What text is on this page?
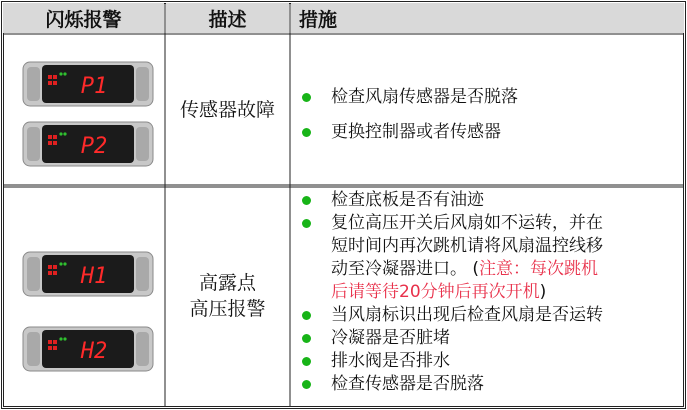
闪烁报警	描述	措施
P1
P2
H1
H2
传感器故障
高露点
高压报警
检查风扇传感器是否脱落
更换控制器或者传感器
检查底板是否有油迹
复位高压开关后风扇如不运转，并在
短时间内再次跳机请将风扇温控线移
动至冷凝器进口。 (注意：每次跳机
后请等待20分钟后再次开机)
当风扇标识出现后检查风扇是否运转
冷凝器是否脏堵
排水阀是否排水
检查传感器是否脱落
